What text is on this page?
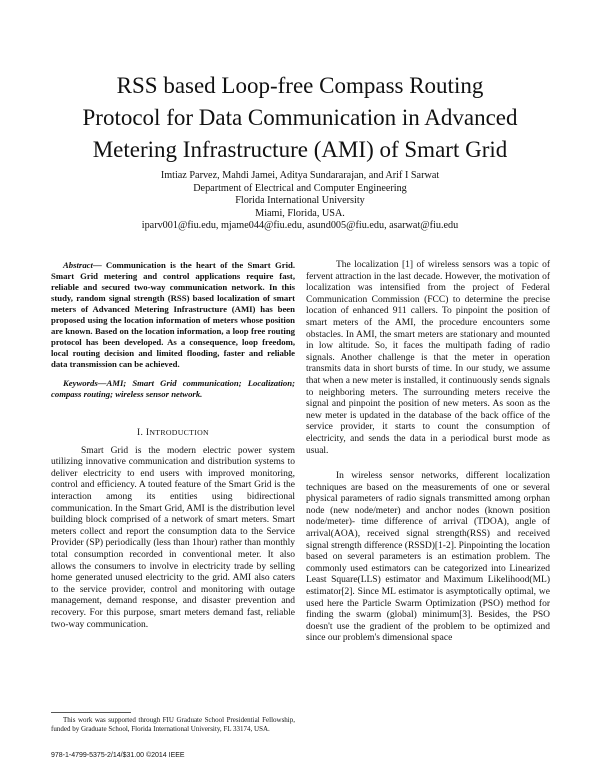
RSS based Loop-free Compass Routing
Protocol for Data Communication in Advanced
Metering Infrastructure (AMI) of Smart Grid
Imtiaz Parvez, Mahdi Jamei, Aditya Sundararajan, and Arif I Sarwat
Department of Electrical and Computer Engineering
Florida International University
Miami, Florida, USA.
iparv001@fiu.edu, mjame044@fiu.edu, asund005@fiu.edu, asarwat@fiu.edu

Abstract— Communication is the heart of the Smart Grid. Smart Grid metering and control applications require fast, reliable and secured two-way communication network. In this study, random signal strength (RSS) based localization of smart meters of Advanced Metering Infrastructure (AMI) has been proposed using the location information of meters whose position are known. Based on the location information, a loop free routing protocol has been developed. As a consequence, loop freedom, local routing decision and limited flooding, faster and reliable data transmission can be achieved.

Keywords—AMI; Smart Grid communication; Localization; compass routing; wireless sensor network.

I. INTRODUCTION

Smart Grid is the modern electric power system utilizing innovative communication and distribution systems to deliver electricity to end users with improved monitoring, control and efficiency. A touted feature of the Smart Grid is the interaction among its entities using bidirectional communication. In the Smart Grid, AMI is the distribution level building block comprised of a network of smart meters. Smart meters collect and report the consumption data to the Service Provider (SP) periodically (less than 1hour) rather than monthly total consumption recorded in conventional meter. It also allows the consumers to involve in electricity trade by selling home generated unused electricity to the grid. AMI also caters to the service provider, control and monitoring with outage management, demand response, and disaster prevention and recovery. For this purpose, smart meters demand fast, reliable two-way communication.

This work was supported through FIU Graduate School Presidential Fellowship, funded by Graduate School, Florida International University, FL 33174, USA.

The localization [1] of wireless sensors was a topic of fervent attraction in the last decade. However, the motivation of localization was intensified from the project of Federal Communication Commission (FCC) to determine the precise location of enhanced 911 callers. To pinpoint the position of smart meters of the AMI, the procedure encounters some obstacles. In AMI, the smart meters are stationary and mounted in low altitude. So, it faces the multipath fading of radio signals. Another challenge is that the meter in operation transmits data in short bursts of time. In our study, we assume that when a new meter is installed, it continuously sends signals to neighboring meters. The surrounding meters receive the signal and pinpoint the position of new meters. As soon as the new meter is updated in the database of the back office of the service provider, it starts to count the consumption of electricity, and sends the data in a periodical burst mode as usual.

In wireless sensor networks, different localization techniques are based on the measurements of one or several physical parameters of radio signals transmitted among orphan node (new node/meter) and anchor nodes (known position node/meter)- time difference of arrival (TDOA), angle of arrival(AOA), received signal strength(RSS) and received signal strength difference (RSSD)[1-2]. Pinpointing the location based on several parameters is an estimation problem. The commonly used estimators can be categorized into Linearized Least Square(LLS) estimator and Maximum Likelihood(ML) estimator[2]. Since ML estimator is asymptotically optimal, we used here the Particle Swarm Optimization (PSO) method for finding the swarm (global) minimum[3]. Besides, the PSO doesn't use the gradient of the problem to be optimized and since our problem's dimensional space

978-1-4799-5375-2/14/$31.00 ©2014 IEEE
